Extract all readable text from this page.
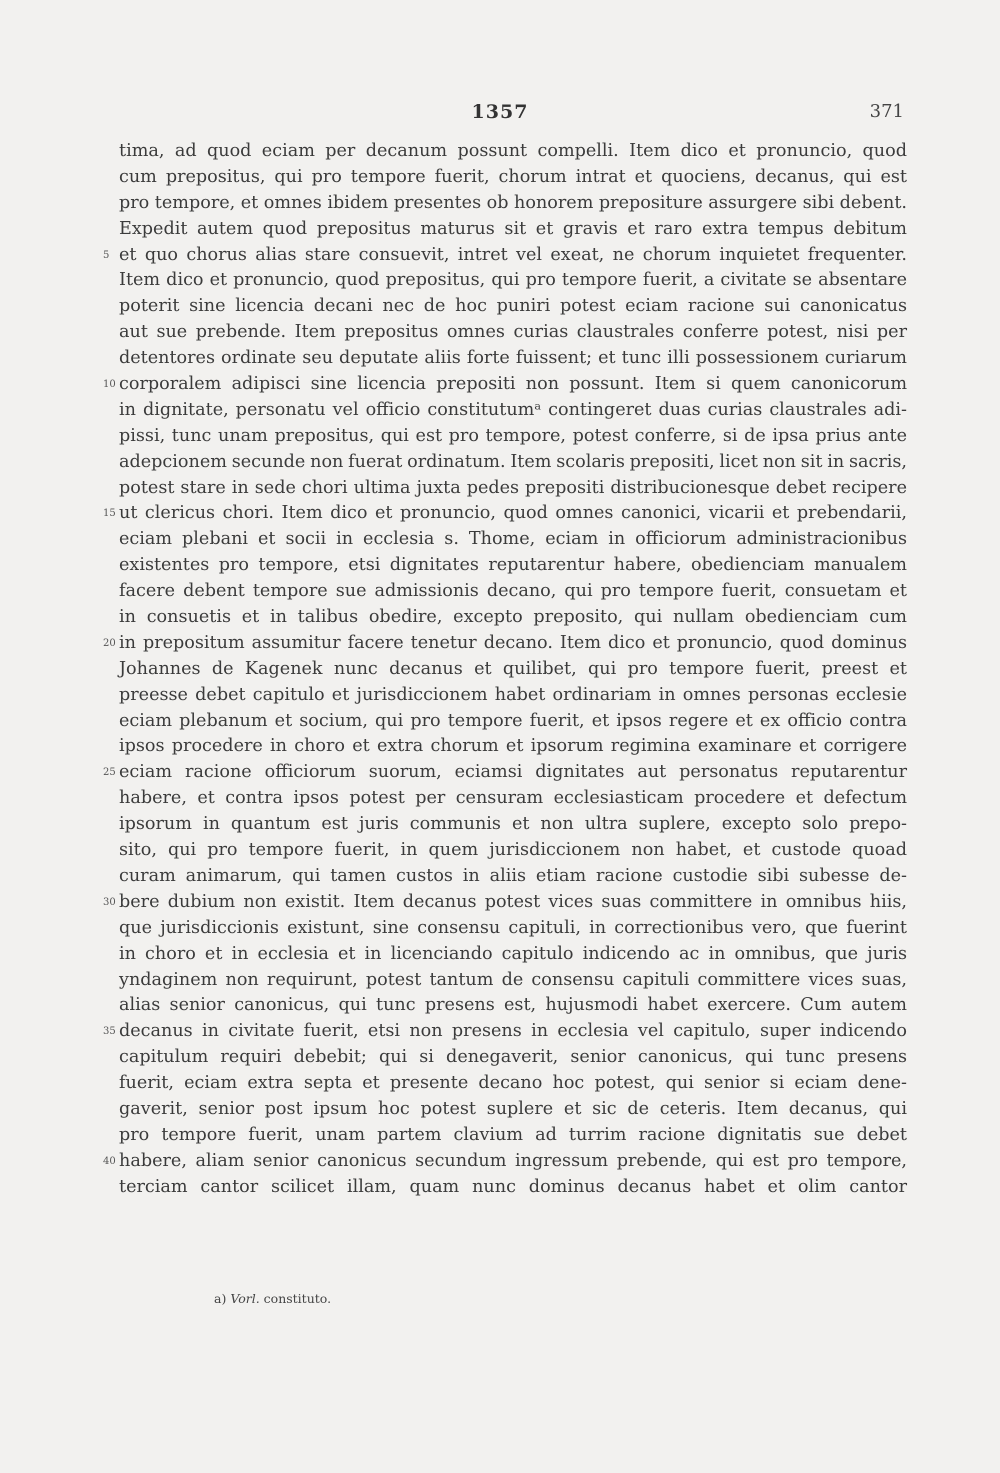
1357	371
tima, ad quod eciam per decanum possunt compelli. Item dico et pronuncio, quod
cum prepositus, qui pro tempore fuerit, chorum intrat et quociens, decanus, qui est
pro tempore, et omnes ibidem presentes ob honorem prepositure assurgere sibi debent.
Expedit autem quod prepositus maturus sit et gravis et raro extra tempus debitum
5 et quo chorus alias stare consuevit, intret vel exeat, ne chorum inquietet frequenter.
Item dico et pronuncio, quod prepositus, qui pro tempore fuerit, a civitate se absentare
poterit sine licencia decani nec de hoc puniri potest eciam racione sui canonicatus
aut sue prebende. Item prepositus omnes curias claustrales conferre potest, nisi per
detentores ordinate seu deputate aliis forte fuissent; et tunc illi possessionem curiarum
10 corporalem adipisci sine licencia prepositi non possunt. Item si quem canonicorum
in dignitate, personatu vel officio constitutumᵃ contingeret duas curias claustrales adi-
pissi, tunc unam prepositus, qui est pro tempore, potest conferre, si de ipsa prius ante
adepcionem secunde non fuerat ordinatum. Item scolaris prepositi, licet non sit in sacris,
potest stare in sede chori ultima juxta pedes prepositi distribucionesque debet recipere
15 ut clericus chori. Item dico et pronuncio, quod omnes canonici, vicarii et prebendarii,
eciam plebani et socii in ecclesia s. Thome, eciam in officiorum administracionibus
existentes pro tempore, etsi dignitates reputarentur habere, obedienciam manualem
facere debent tempore sue admissionis decano, qui pro tempore fuerit, consuetam et
in consuetis et in talibus obedire, excepto preposito, qui nullam obedienciam cum
20 in prepositum assumitur facere tenetur decano. Item dico et pronuncio, quod dominus
Johannes de Kagenek nunc decanus et quilibet, qui pro tempore fuerit, preest et
preesse debet capitulo et jurisdiccionem habet ordinariam in omnes personas ecclesie
eciam plebanum et socium, qui pro tempore fuerit, et ipsos regere et ex officio contra
ipsos procedere in choro et extra chorum et ipsorum regimina examinare et corrigere
25 eciam racione officiorum suorum, eciamsi dignitates aut personatus reputarentur
habere, et contra ipsos potest per censuram ecclesiasticam procedere et defectum
ipsorum in quantum est juris communis et non ultra suplere, excepto solo prepo-
sito, qui pro tempore fuerit, in quem jurisdiccionem non habet, et custode quoad
curam animarum, qui tamen custos in aliis etiam racione custodie sibi subesse de-
30 bere dubium non existit. Item decanus potest vices suas committere in omnibus hiis,
que jurisdiccionis existunt, sine consensu capituli, in correctionibus vero, que fuerint
in choro et in ecclesia et in licenciando capitulo indicendo ac in omnibus, que juris
yndaginem non requirunt, potest tantum de consensu capituli committere vices suas,
alias senior canonicus, qui tunc presens est, hujusmodi habet exercere. Cum autem
35 decanus in civitate fuerit, etsi non presens in ecclesia vel capitulo, super indicendo
capitulum requiri debebit; qui si denegaverit, senior canonicus, qui tunc presens
fuerit, eciam extra septa et presente decano hoc potest, qui senior si eciam dene-
gaverit, senior post ipsum hoc potest suplere et sic de ceteris. Item decanus, qui
pro tempore fuerit, unam partem clavium ad turrim racione dignitatis sue debet
40 habere, aliam senior canonicus secundum ingressum prebende, qui est pro tempore,
terciam cantor scilicet illam, quam nunc dominus decanus habet et olim cantor
a) Vorl. constituto.
